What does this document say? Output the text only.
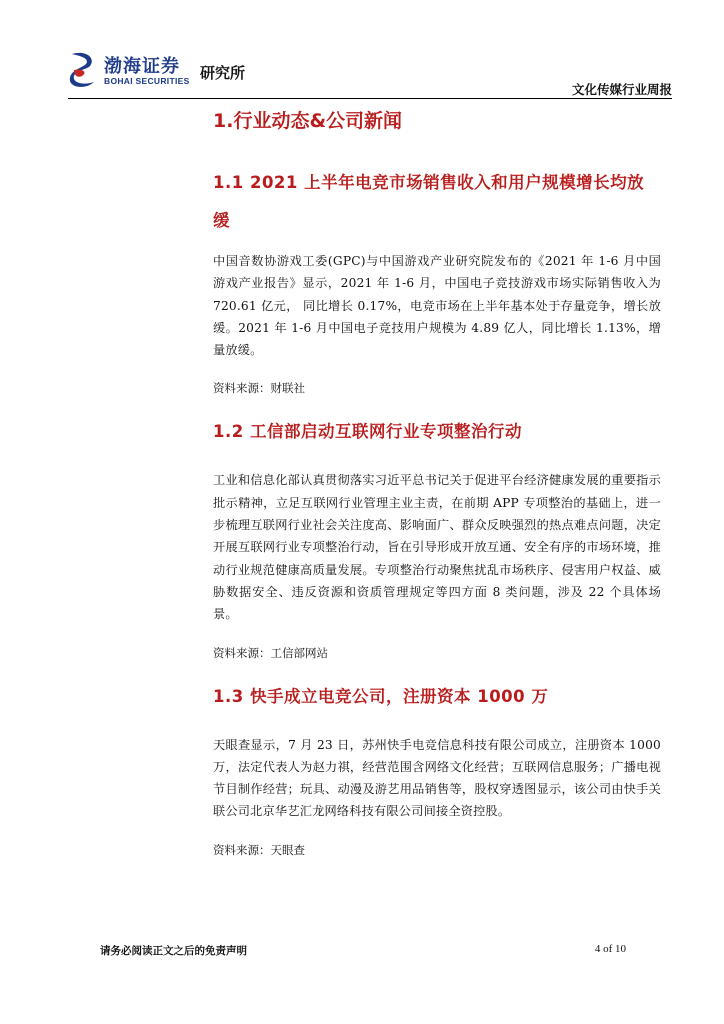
渤海证券
BOHAI SECURITIES 研究所
文化传媒行业周报
1.行业动态&公司新闻
1.1 2021 上半年电竞市场销售收入和用户规模增长均放缓

中国音数协游戏工委(GPC)与中国游戏产业研究院发布的《2021 年 1-6 月中国游戏产业报告》显示，2021 年 1-6 月，中国电子竞技游戏市场实际销售收入为 720.61 亿元， 同比增长 0.17%，电竞市场在上半年基本处于存量竞争，增长放缓。2021 年 1-6 月中国电子竞技用户规模为 4.89 亿人，同比增长 1.13%，增量放缓。

资料来源：财联社

1.2 工信部启动互联网行业专项整治行动

工业和信息化部认真贯彻落实习近平总书记关于促进平台经济健康发展的重要指示批示精神，立足互联网行业管理主业主责，在前期 APP 专项整治的基础上，进一步梳理互联网行业社会关注度高、影响面广、群众反映强烈的热点难点问题，决定开展互联网行业专项整治行动，旨在引导形成开放互通、安全有序的市场环境，推动行业规范健康高质量发展。专项整治行动聚焦扰乱市场秩序、侵害用户权益、威胁数据安全、违反资源和资质管理规定等四方面 8 类问题，涉及 22 个具体场景。

资料来源：工信部网站

1.3 快手成立电竞公司，注册资本 1000 万

天眼查显示，7 月 23 日，苏州快手电竞信息科技有限公司成立，注册资本 1000 万，法定代表人为赵力祺，经营范围含网络文化经营；互联网信息服务；广播电视节目制作经营；玩具、动漫及游艺用品销售等，股权穿透图显示，该公司由快手关联公司北京华艺汇龙网络科技有限公司间接全资控股。

资料来源：天眼查

请务必阅读正文之后的免责声明	4 of 10
